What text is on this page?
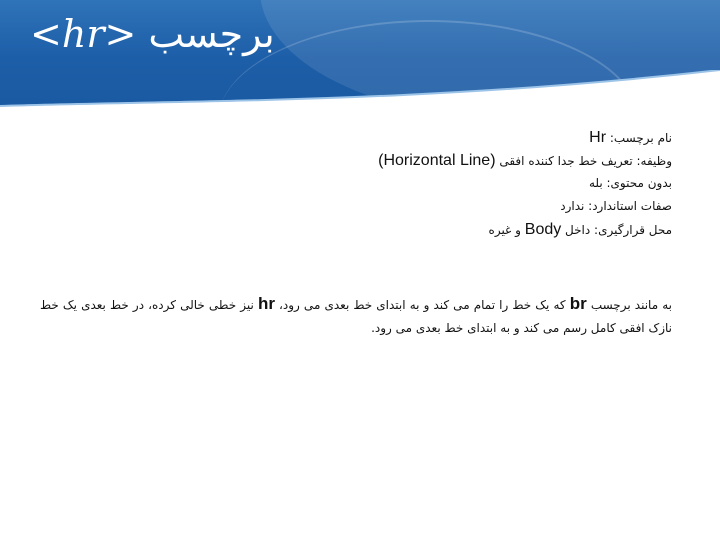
<hr> برچسب
نام برچسب: Hr
وظیفه: تعریف خط جدا کننده افقی (Horizontal Line)
بدون محتوی: بله
صفات استاندارد: ندارد
محل قرارگیری: داخل Body و غیره
به مانند برچسب br که یک خط را تمام می کند و به ابتدای خط بعدی می رود، hr نیز خطی خالی کرده، در خط بعدی یک خط نازک افقی کامل رسم می کند و به ابتدای خط بعدی می رود.
